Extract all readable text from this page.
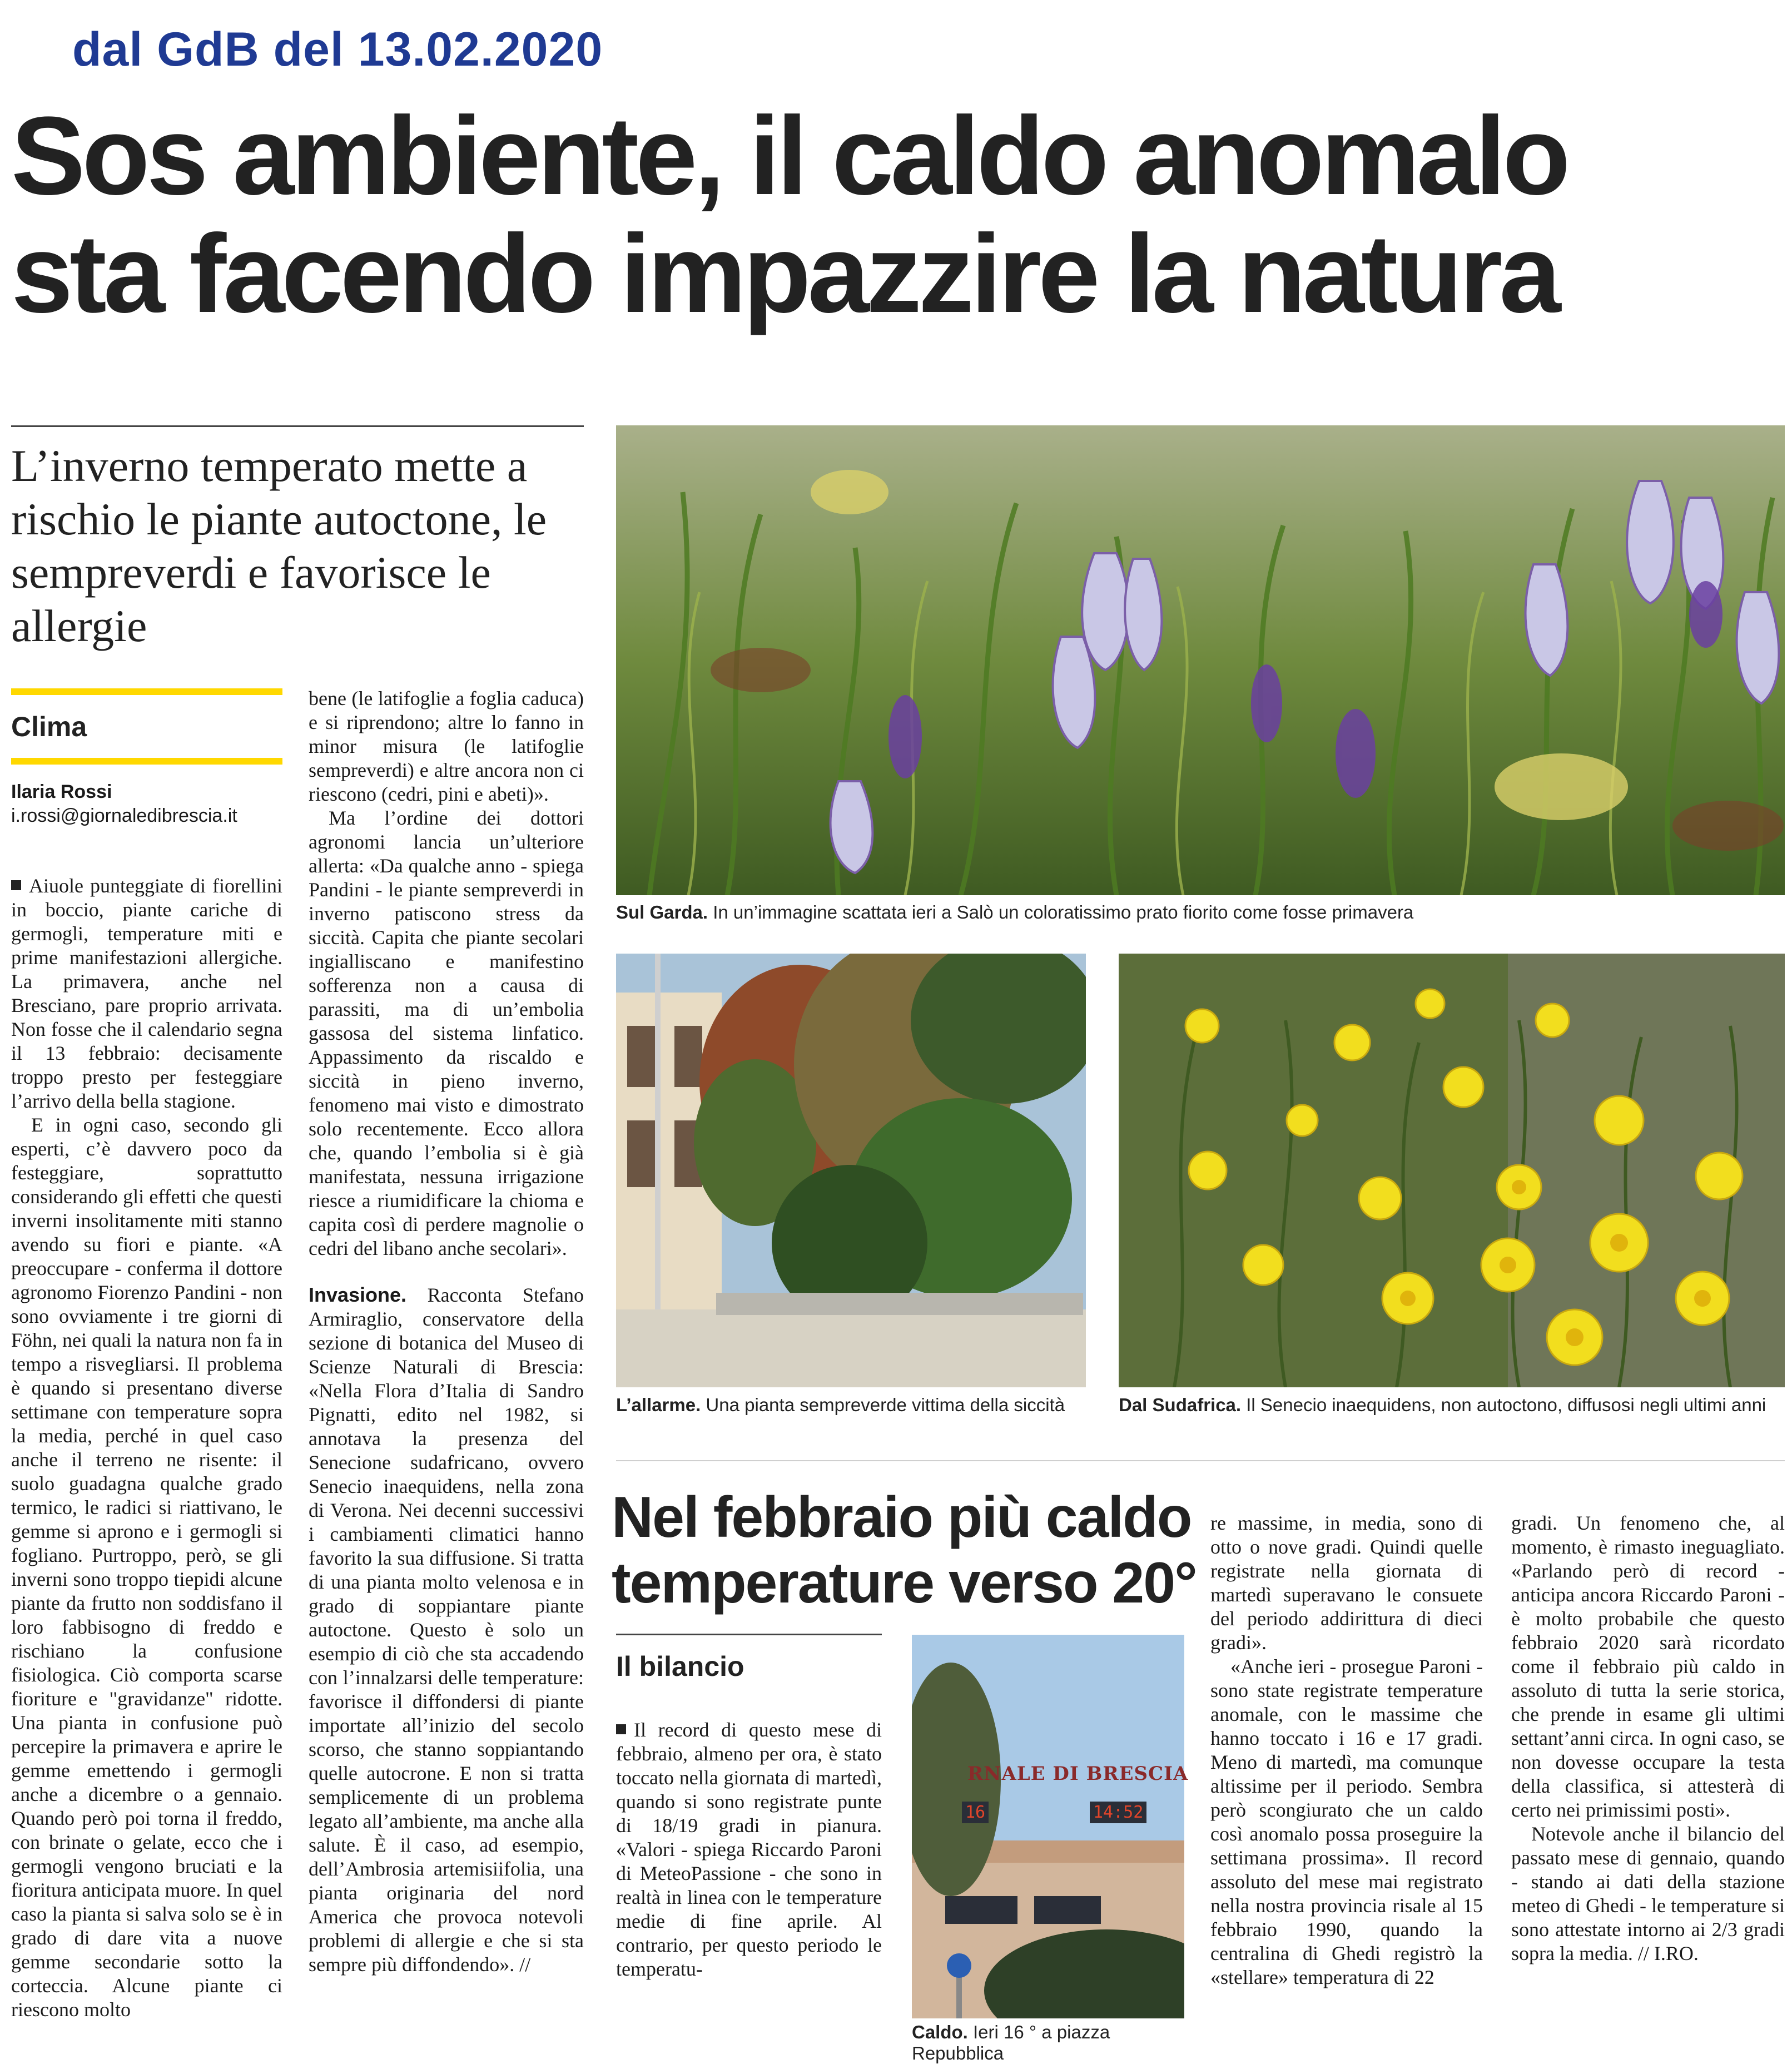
dal GdB del 13.02.2020
Sos ambiente, il caldo anomalo
sta facendo impazzire la natura
L’inverno temperato mette a rischio le piante autoctone, le sempreverdi e favorisce le allergie
Clima
Ilaria Rossi
i.rossi@giornaledibrescia.it

Aiuole punteggiate di fiorellini in boccio, piante cariche di germogli, temperature miti e prime manifestazioni allergiche. La primavera, anche nel Bresciano, pare proprio arrivata. Non fosse che il calendario segna il 13 febbraio: decisamente troppo presto per festeggiare l’arrivo della bella stagione.

E in ogni caso, secondo gli esperti, c’è davvero poco da festeggiare, soprattutto considerando gli effetti che questi inverni insolitamente miti stanno avendo su fiori e piante. «A preoccupare - conferma il dottore agronomo Fiorenzo Pandini - non sono ovviamente i tre giorni di Föhn, nei quali la natura non fa in tempo a risvegliarsi. Il problema è quando si presentano diverse settimane con temperature sopra la media, perché in quel caso anche il terreno ne risente: il suolo guadagna qualche grado termico, le radici si riattivano, le gemme si aprono e i germogli si fogliano. Purtroppo, però, se gli inverni sono troppo tiepidi alcune piante da frutto non soddisfano il loro fabbisogno di freddo e rischiano la confusione fisiologica. Ciò comporta scarse fioriture e "gravidanze" ridotte. Una pianta in confusione può percepire la primavera e aprire le gemme emettendo i germogli anche a dicembre o a gennaio. Quando però poi torna il freddo, con brinate o gelate, ecco che i germogli vengono bruciati e la fioritura anticipata muore. In quel caso la pianta si salva solo se è in grado di dare vita a nuove gemme secondarie sotto la corteccia. Alcune piante ci riescono molto

bene (le latifoglie a foglia caduca) e si riprendono; altre lo fanno in minor misura (le latifoglie sempreverdi) e altre ancora non ci riescono (cedri, pini e abeti)».

Ma l’ordine dei dottori agronomi lancia un’ulteriore allerta: «Da qualche anno - spiega Pandini - le piante sempreverdi in inverno patiscono stress da siccità. Capita che piante secolari ingialliscano e manifestino sofferenza non a causa di parassiti, ma di un’embolia gassosa del sistema linfatico. Appassimento da riscaldo e siccità in pieno inverno, fenomeno mai visto e dimostrato solo recentemente. Ecco allora che, quando l’embolia si è già manifestata, nessuna irrigazione riesce a riumidificare la chioma e capita così di perdere magnolie o cedri del libano anche secolari».

Invasione. Racconta Stefano Armiraglio, conservatore della sezione di botanica del Museo di Scienze Naturali di Brescia: «Nella Flora d’Italia di Sandro Pignatti, edito nel 1982, si annotava la presenza del Senecione sudafricano, ovvero Senecio inaequidens, nella zona di Verona. Nei decenni successivi i cambiamenti climatici hanno favorito la sua diffusione. Si tratta di una pianta molto velenosa e in grado di soppiantare piante autoctone. Questo è solo un esempio di ciò che sta accadendo con l’innalzarsi delle temperature: favorisce il diffondersi di piante importate all’inizio del secolo scorso, che stanno soppiantando quelle autocrone. E non si tratta semplicemente di un problema legato all’ambiente, ma anche alla salute. È il caso, ad esempio, dell’Ambrosia artemisiifolia, una pianta originaria del nord America che provoca notevoli problemi di allergie e che si sta sempre più diffondendo». //

Sul Garda. In un’immagine scattata ieri a Salò un coloratissimo prato fiorito come fosse primavera
L’allarme. Una pianta sempreverde vittima della siccità	Dal Sudafrica. Il Senecio inaequidens, non autoctono, diffusosi negli ultimi anni
Nel febbraio più caldo
temperature verso 20°
Il bilancio

Il record di questo mese di febbraio, almeno per ora, è stato toccato nella giornata di martedì, quando si sono registrate punte di 18/19 gradi in pianura. «Valori - spiega Riccardo Paroni di MeteoPassione - che sono in realtà in linea con le temperature medie di fine aprile. Al contrario, per questo periodo le temperatu-

RNALE DI BRESCIA
16	14:52
Caldo. Ieri 16 ° a piazza Repubblica

re massime, in media, sono di otto o nove gradi. Quindi quelle registrate nella giornata di martedì superavano le consuete del periodo addirittura di dieci gradi».

«Anche ieri - prosegue Paroni - sono state registrate temperature anomale, con le massime che hanno toccato i 16 e 17 gradi. Meno di martedì, ma comunque altissime per il periodo. Sembra però scongiurato che un caldo così anomalo possa proseguire la settimana prossima». Il record assoluto del mese mai registrato nella nostra provincia risale al 15 febbraio 1990, quando la centralina di Ghedi registrò la «stellare» temperatura di 22

gradi. Un fenomeno che, al momento, è rimasto ineguagliato. «Parlando però di record - anticipa ancora Riccardo Paroni - è molto probabile che questo febbraio 2020 sarà ricordato come il febbraio più caldo in assoluto di tutta la serie storica, che prende in esame gli ultimi settant’anni circa. In ogni caso, se non dovesse occupare la testa della classifica, si attesterà di certo nei primissimi posti».

Notevole anche il bilancio del passato mese di gennaio, quando - stando ai dati della stazione meteo di Ghedi - le temperature si sono attestate intorno ai 2/3 gradi sopra la media. // I.RO.
